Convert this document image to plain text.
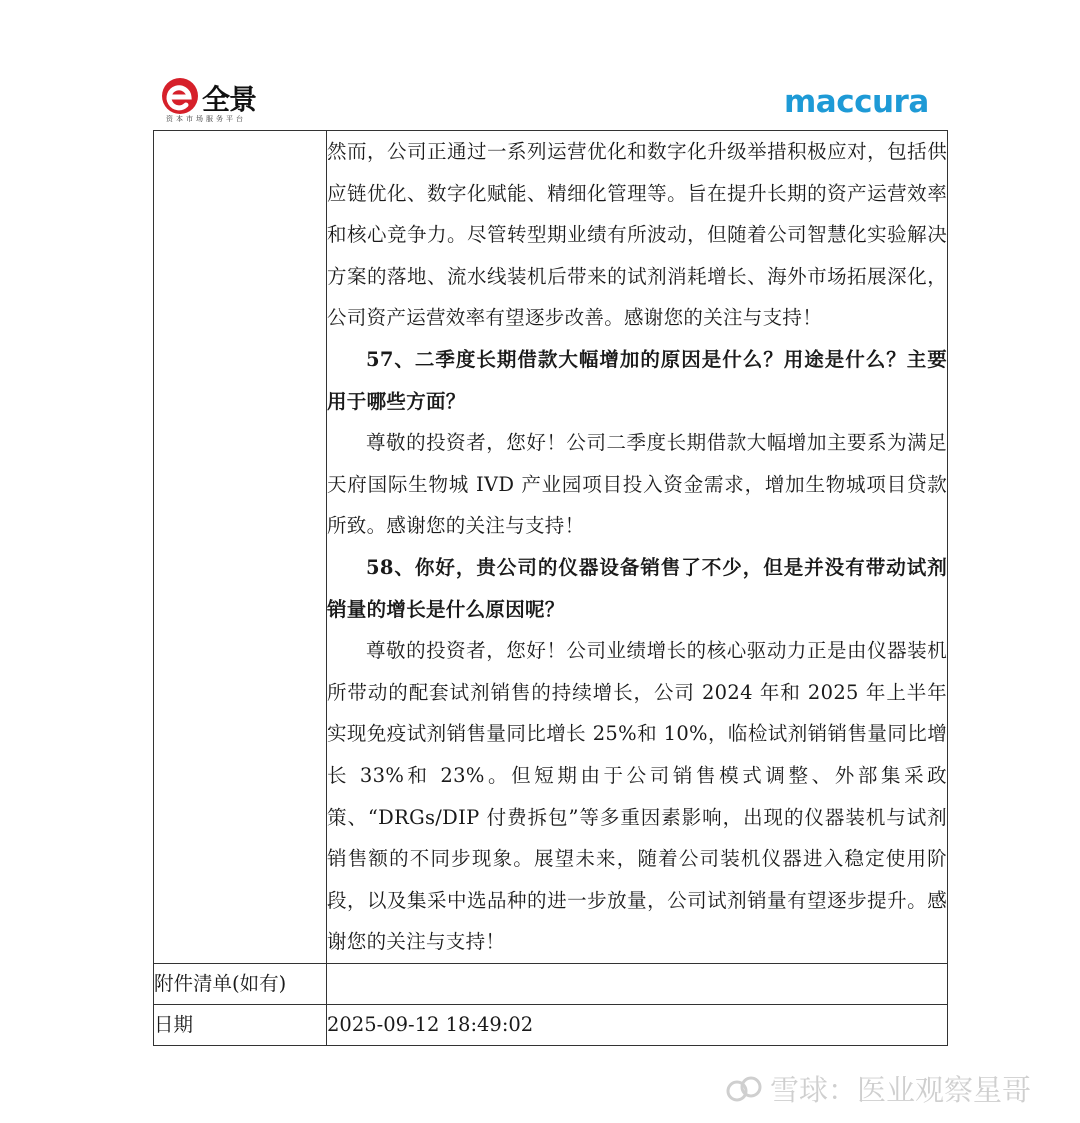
全景
资本市场服务平台	maccura

	然而，公司正通过一系列运营优化和数字化升级举措积极应对，包括供应链优化、数字化赋能、精细化管理等。旨在提升长期的资产运营效率和核心竞争力。尽管转型期业绩有所波动，但随着公司智慧化实验解决方案的落地、流水线装机后带来的试剂消耗增长、海外市场拓展深化，公司资产运营效率有望逐步改善。感谢您的关注与支持！
57、二季度长期借款大幅增加的原因是什么？用途是什么？主要用于哪些方面？
尊敬的投资者，您好！公司二季度长期借款大幅增加主要系为满足天府国际生物城 IVD 产业园项目投入资金需求，增加生物城项目贷款所致。感谢您的关注与支持！
58、你好，贵公司的仪器设备销售了不少，但是并没有带动试剂销量的增长是什么原因呢？
尊敬的投资者，您好！公司业绩增长的核心驱动力正是由仪器装机所带动的配套试剂销售的持续增长，公司 2024 年和 2025 年上半年实现免疫试剂销售量同比增长 25%和 10%，临检试剂销销售量同比增长 33%和 23%。但短期由于公司销售模式调整、外部集采政策、“DRGs/DIP 付费拆包”等多重因素影响，出现的仪器装机与试剂销售额的不同步现象。展望未来，随着公司装机仪器进入稳定使用阶段，以及集采中选品种的进一步放量，公司试剂销量有望逐步提升。感谢您的关注与支持！

附件清单(如有)	
日期	2025-09-12 18:49:02
雪球：医业观察星哥
